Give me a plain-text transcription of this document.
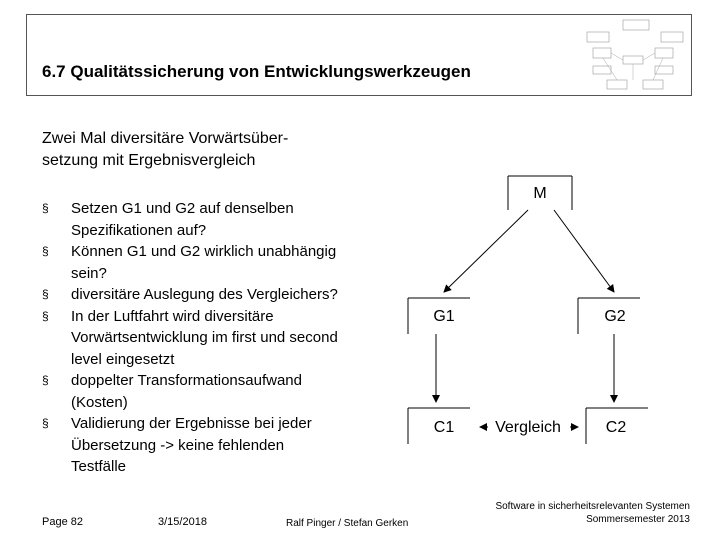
6.7 Qualitätssicherung von Entwicklungswerkzeugen
Zwei Mal diversitäre Vorwärtsüber-
setzung mit Ergebnisvergleich
§ Setzen G1 und G2 auf denselben
Spezifikationen auf?
§ Können G1 und G2 wirklich unabhängig
sein?
§ diversitäre Auslegung des Vergleichers?
§ In der Luftfahrt wird diversitäre
Vorwärtsentwicklung im first und second
level eingesetzt
§ doppelter Transformationsaufwand
(Kosten)
§ Validierung der Ergebnisse bei jeder
Übersetzung -> keine fehlenden
Testfälle
M
G1	G2
C1	Vergleich	C2
Page 82	3/15/2018	Ralf Pinger / Stefan Gerken
Software in sicherheitsrelevanten Systemen
Sommersemester 2013
